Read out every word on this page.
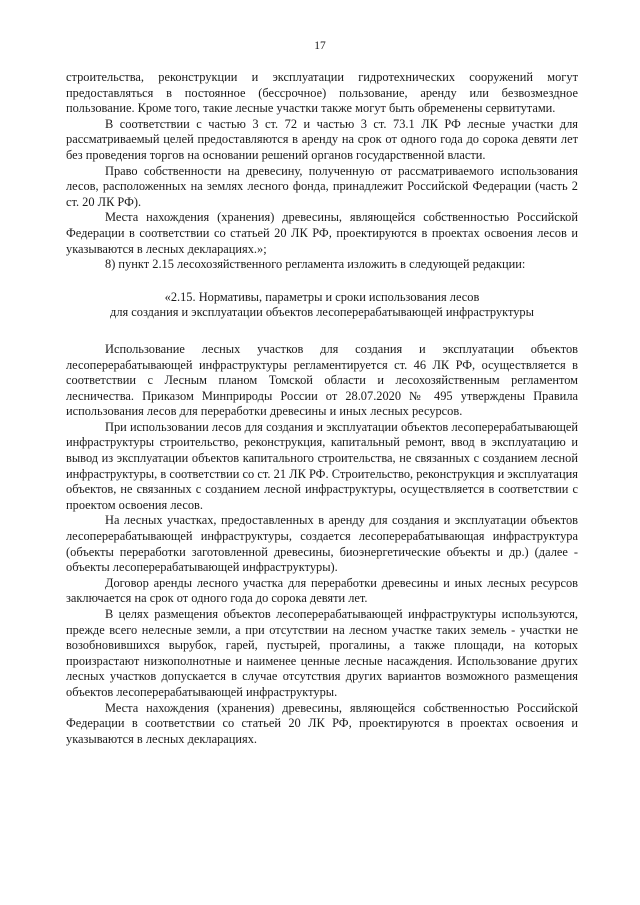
17

строительства, реконструкции и эксплуатации гидротехнических сооружений могут предоставляться в постоянное (бессрочное) пользование, аренду или безвозмездное пользование. Кроме того, такие лесные участки также могут быть обременены сервитутами.

В соответствии с частью 3 ст. 72 и частью 3 ст. 73.1 ЛК РФ лесные участки для рассматриваемый целей предоставляются в аренду на срок от одного года до сорока девяти лет без проведения торгов на основании решений органов государственной власти.

Право собственности на древесину, полученную от рассматриваемого использования лесов, расположенных на землях лесного фонда, принадлежит Российской Федерации (часть 2 ст. 20 ЛК РФ).

Места нахождения (хранения) древесины, являющейся собственностью Российской Федерации в соответствии со статьей 20 ЛК РФ, проектируются в проектах освоения лесов и указываются в лесных декларациях.»;

8) пункт 2.15 лесохозяйственного регламента изложить в следующей редакции:

«2.15. Нормативы, параметры и сроки использования лесов

для создания и эксплуатации объектов лесоперерабатывающей инфраструктуры

Использование лесных участков для создания и эксплуатации объектов лесоперерабатывающей инфраструктуры регламентируется ст. 46 ЛК РФ, осуществляется в соответствии с Лесным планом Томской области и лесохозяйственным регламентом лесничества. Приказом Минприроды России от 28.07.2020 № 495 утверждены Правила использования лесов для переработки древесины и иных лесных ресурсов.

При использовании лесов для создания и эксплуатации объектов лесоперерабатывающей инфраструктуры строительство, реконструкция, капитальный ремонт, ввод в эксплуатацию и вывод из эксплуатации объектов капитального строительства, не связанных с созданием лесной инфраструктуры, в соответствии со ст. 21 ЛК РФ. Строительство, реконструкция и эксплуатация объектов, не связанных с созданием лесной инфраструктуры, осуществляется в соответствии с проектом освоения лесов.

На лесных участках, предоставленных в аренду для создания и эксплуатации объектов лесоперерабатывающей инфраструктуры, создается лесоперерабатывающая инфраструктура (объекты переработки заготовленной древесины, биоэнергетические объекты и др.) (далее - объекты лесоперерабатывающей инфраструктуры).

Договор аренды лесного участка для переработки древесины и иных лесных ресурсов заключается на срок от одного года до сорока девяти лет.

В целях размещения объектов лесоперерабатывающей инфраструктуры используются, прежде всего нелесные земли, а при отсутствии на лесном участке таких земель - участки не возобновившихся вырубок, гарей, пустырей, прогалины, а также площади, на которых произрастают низкополнотные и наименее ценные лесные насаждения. Использование других лесных участков допускается в случае отсутствия других вариантов возможного размещения объектов лесоперерабатывающей инфраструктуры.

Места нахождения (хранения) древесины, являющейся собственностью Российской Федерации в соответствии со статьей 20 ЛК РФ, проектируются в проектах освоения и указываются в лесных декларациях.
